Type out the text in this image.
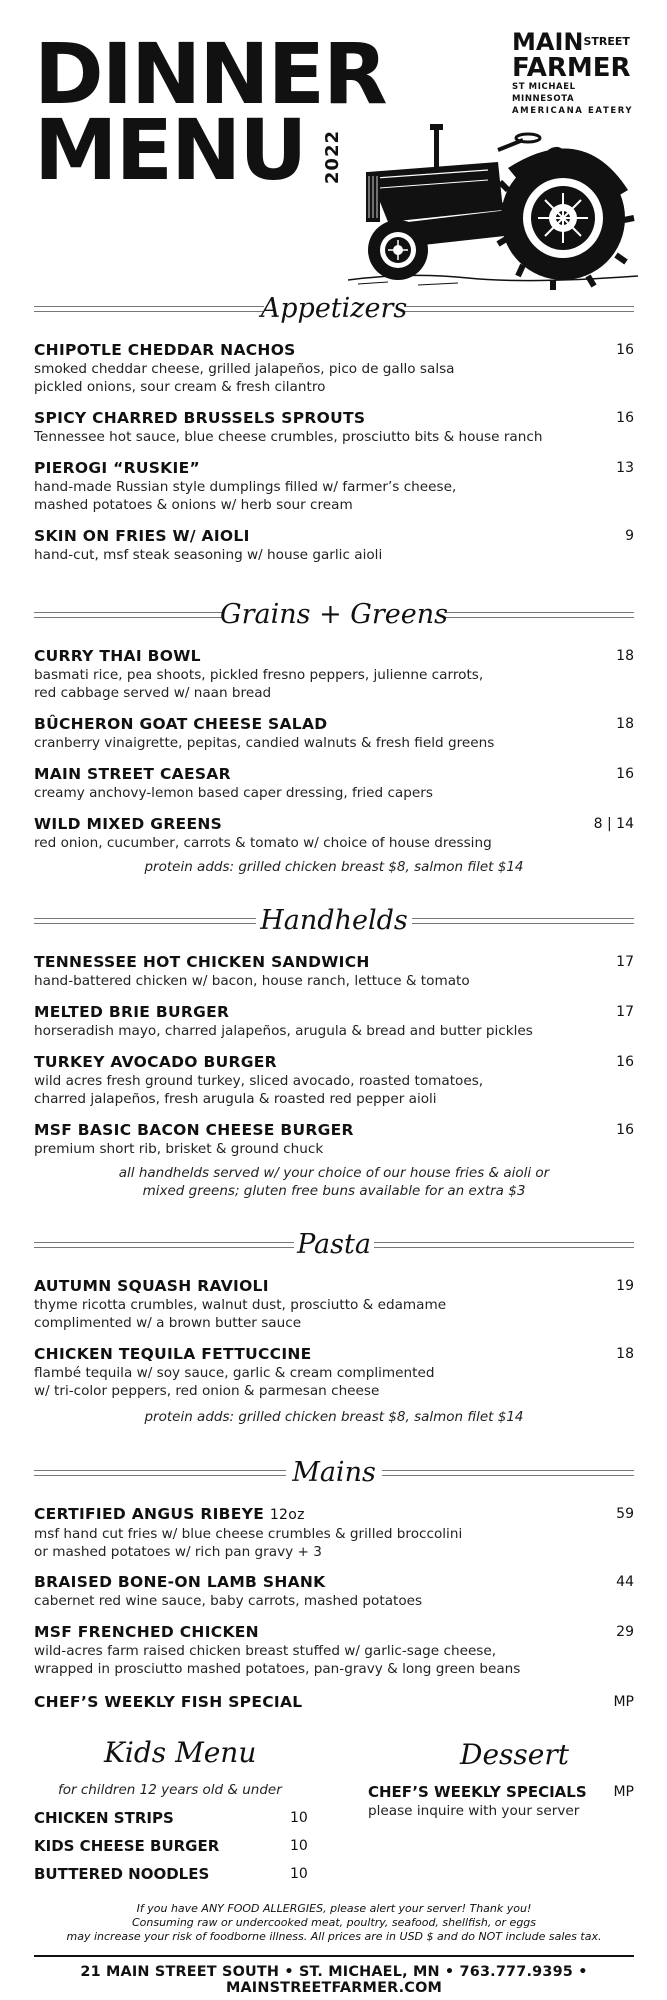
DINNER
MENU 2022
MAINSTREET
FARMER
ST MICHAEL MINNESOTA
AMERICANA EATERY
Appetizers
CHIPOTLE CHEDDAR NACHOS	16
smoked cheddar cheese, grilled jalapeños, pico de gallo salsa
pickled onions, sour cream & fresh cilantro
SPICY CHARRED BRUSSELS SPROUTS	16
Tennessee hot sauce, blue cheese crumbles, prosciutto bits & house ranch
PIEROGI “RUSKIE”	13
hand-made Russian style dumplings filled w/ farmer’s cheese,
mashed potatoes & onions w/ herb sour cream
SKIN ON FRIES W/ AIOLI	9
hand-cut, msf steak seasoning w/ house garlic aioli
Grains + Greens
CURRY THAI BOWL	18
basmati rice, pea shoots, pickled fresno peppers, julienne carrots,
red cabbage served w/ naan bread
BÛCHERON GOAT CHEESE SALAD	18
cranberry vinaigrette, pepitas, candied walnuts & fresh field greens
MAIN STREET CAESAR	16
creamy anchovy-lemon based caper dressing, fried capers
WILD MIXED GREENS	8 | 14
red onion, cucumber, carrots & tomato w/ choice of house dressing
protein adds: grilled chicken breast $8, salmon filet $14
Handhelds
TENNESSEE HOT CHICKEN SANDWICH	17
hand-battered chicken w/ bacon, house ranch, lettuce & tomato
MELTED BRIE BURGER	17
horseradish mayo, charred jalapeños, arugula & bread and butter pickles
TURKEY AVOCADO BURGER	16
wild acres fresh ground turkey, sliced avocado, roasted tomatoes,
charred jalapeños, fresh arugula & roasted red pepper aioli
MSF BASIC BACON CHEESE BURGER	16
premium short rib, brisket & ground chuck
all handhelds served w/ your choice of our house fries & aioli or
mixed greens; gluten free buns available for an extra $3
Pasta
AUTUMN SQUASH RAVIOLI	19
thyme ricotta crumbles, walnut dust, prosciutto & edamame
complimented w/ a brown butter sauce
CHICKEN TEQUILA FETTUCCINE	18
flambé tequila w/ soy sauce, garlic & cream complimented
w/ tri-color peppers, red onion & parmesan cheese
protein adds: grilled chicken breast $8, salmon filet $14
Mains
CERTIFIED ANGUS RIBEYE 12oz	59
msf hand cut fries w/ blue cheese crumbles & grilled broccolini
or mashed potatoes w/ rich pan gravy + 3
BRAISED BONE-ON LAMB SHANK	44
cabernet red wine sauce, baby carrots, mashed potatoes
MSF FRENCHED CHICKEN	29
wild-acres farm raised chicken breast stuffed w/ garlic-sage cheese,
wrapped in prosciutto mashed potatoes, pan-gravy & long green beans
CHEF’S WEEKLY FISH SPECIAL	MP
Kids Menu
for children 12 years old & under
CHICKEN STRIPS	10
KIDS CHEESE BURGER	10
BUTTERED NOODLES	10
Dessert
CHEF’S WEEKLY SPECIALS	MP
please inquire with your server
If you have ANY FOOD ALLERGIES, please alert your server! Thank you!
Consuming raw or undercooked meat, poultry, seafood, shellfish, or eggs
may increase your risk of foodborne illness. All prices are in USD $ and do NOT include sales tax.
21 MAIN STREET SOUTH • ST. MICHAEL, MN • 763.777.9395 • MAINSTREETFARMER.COM
